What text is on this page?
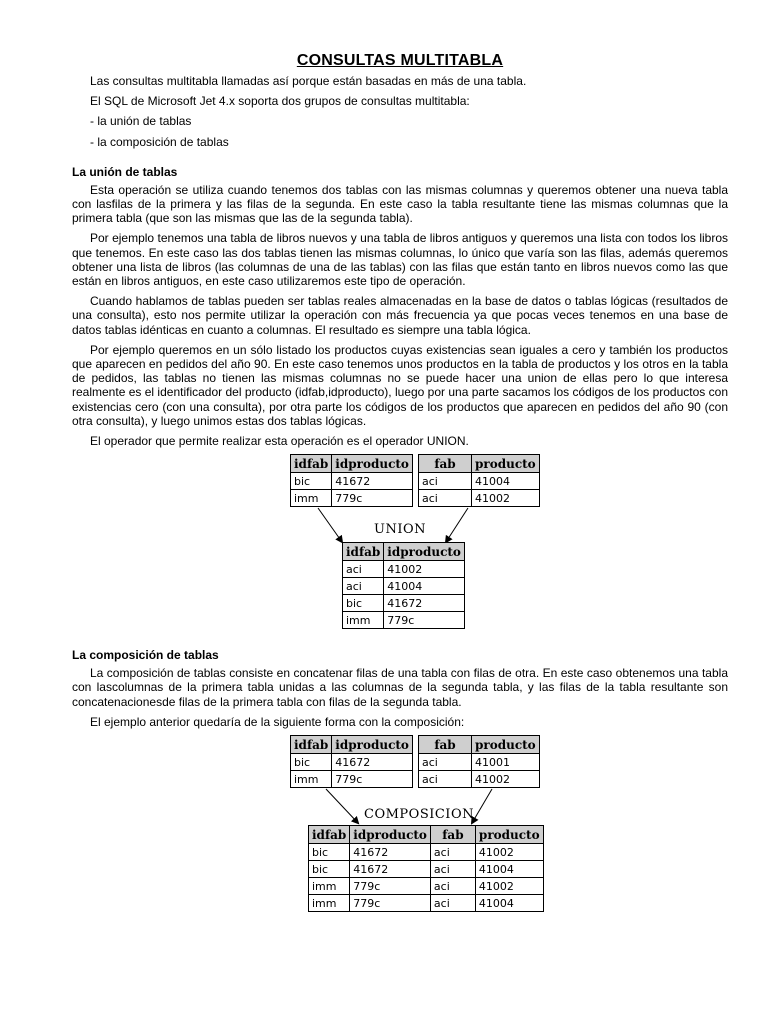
CONSULTAS MULTITABLA

Las consultas multitabla llamadas así porque están basadas en más de una tabla.

El SQL de Microsoft Jet 4.x soporta dos grupos de consultas multitabla:

- la unión de tablas

- la composición de tablas

La unión de tablas

Esta operación se utiliza cuando tenemos dos tablas con las mismas columnas y queremos obtener una nueva tabla con lasfilas de la primera y las filas de la segunda. En este caso la tabla resultante tiene las mismas columnas que la primera tabla (que son las mismas que las de la segunda tabla).

Por ejemplo tenemos una tabla de libros nuevos y una tabla de libros antiguos y queremos una lista con todos los libros que tenemos. En este caso las dos tablas tienen las mismas columnas, lo único que varía son las filas, además queremos obtener una lista de libros (las columnas de una de las tablas) con las filas que están tanto en libros nuevos como las que están en libros antiguos, en este caso utilizaremos este tipo de operación.

Cuando hablamos de tablas pueden ser tablas reales almacenadas en la base de datos o tablas lógicas (resultados de una consulta), esto nos permite utilizar la operación con más frecuencia ya que pocas veces tenemos en una base de datos tablas idénticas en cuanto a columnas. El resultado es siempre una tabla lógica.

Por ejemplo queremos en un sólo listado los productos cuyas existencias sean iguales a cero y también los productos que aparecen en pedidos del año 90. En este caso tenemos unos productos en la tabla de productos y los otros en la tabla de pedidos, las tablas no tienen las mismas columnas no se puede hacer una union de ellas pero lo que interesa realmente es el identificador del producto (idfab,idproducto), luego por una parte sacamos los códigos de los productos con existencias cero (con una consulta), por otra parte los códigos de los productos que aparecen en pedidos del año 90 (con otra consulta), y luego unimos estas dos tablas lógicas.

El operador que permite realizar esta operación es el operador UNION.

idfab	idproducto
bic	41672
imm	779c
fab	producto
aci	41004
aci	41002
UNION
idfab	idproducto
aci	41002
aci	41004
bic	41672
imm	779c
La composición de tablas

La composición de tablas consiste en concatenar filas de una tabla con filas de otra. En este caso obtenemos una tabla con lascolumnas de la primera tabla unidas a las columnas de la segunda tabla, y las filas de la tabla resultante son concatenacionesde filas de la primera tabla con filas de la segunda tabla.

El ejemplo anterior quedaría de la siguiente forma con la composición:

idfab	idproducto
bic	41672
imm	779c
fab	producto
aci	41001
aci	41002
COMPOSICION
idfab	idproducto	fab	producto
bic	41672	aci	41002
bic	41672	aci	41004
imm	779c	aci	41002
imm	779c	aci	41004
